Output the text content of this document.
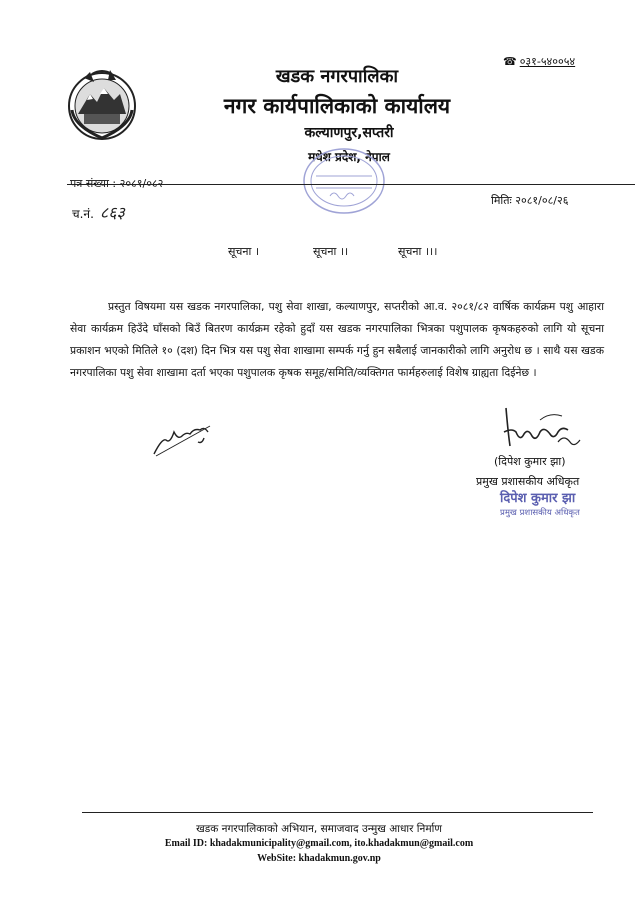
☎ ०३१-५४००५४
खडक नगरपालिका
नगर कार्यपालिकाको कार्यालय
कल्याणपुर,सप्तरी
मधेश प्रदेश, नेपाल
पत्र संख्या : २०८१/०८२
च.नं. ८६३
मितिः २०८१/०८/२६
सूचना ।	सूचना ।।	सूचना ।।।

प्रस्तुत विषयमा यस खडक नगरपालिका, पशु सेवा शाखा, कल्याणपुर, सप्तरीको आ.व. २०८१/८२ वार्षिक कार्यक्रम पशु आहारा सेवा कार्यक्रम हिउँदे घाँसको बिउँ बितरण कार्यक्रम रहेको हुदाँ यस खडक नगरपालिका भित्रका पशुपालक कृषकहरुको लागि यो सूचना प्रकाशन भएको मितिले १० (दश) दिन भित्र यस पशु सेवा शाखामा सम्पर्क गर्नु हुन सबैलाई जानकारीको लागि अनुरोध छ । साथै यस खडक नगरपालिका पशु सेवा शाखामा दर्ता भएका पशुपालक कृषक समूह/समिति/व्यक्तिगत फार्महरुलाई विशेष ग्राह्यता दिईनेछ ।

(दिपेश कुमार झा)
प्रमुख प्रशासकीय अधिकृत
दिपेश कुमार झा
प्रमुख प्रशासकीय अधिकृत
खडक नगरपालिकाको अभियान, समाजवाद उन्मुख आधार निर्माण
Email ID: khadakmunicipality@gmail.com, ito.khadakmun@gmail.com
WebSite: khadakmun.gov.np
